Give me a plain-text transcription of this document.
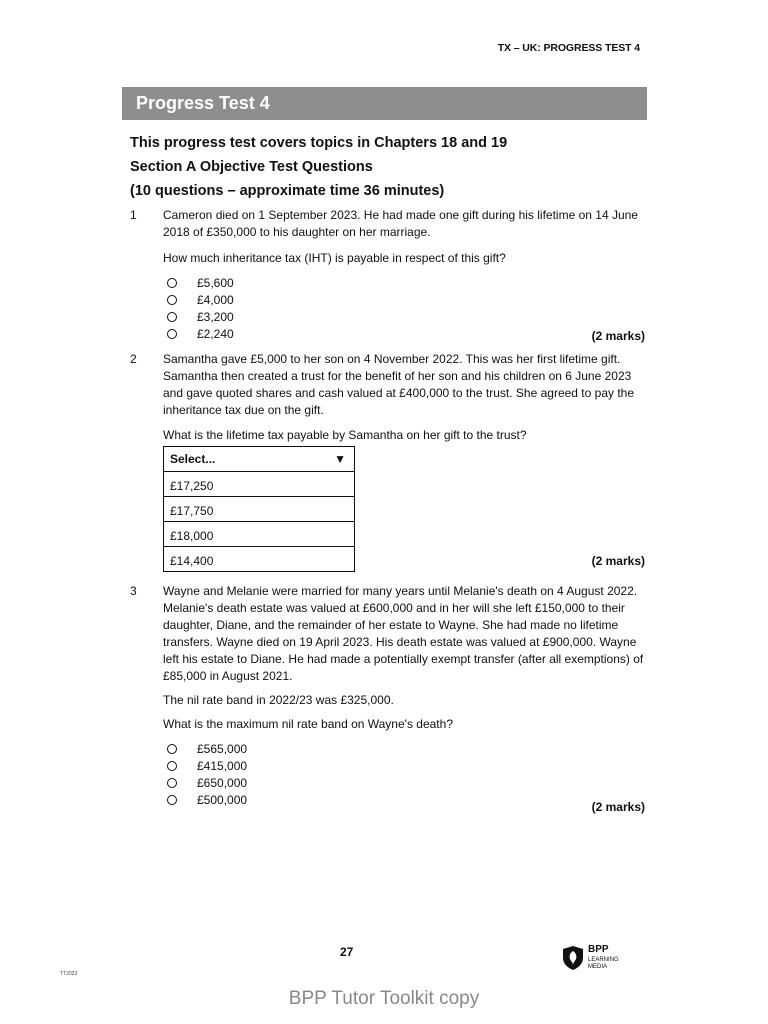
TX – UK: PROGRESS TEST 4
Progress Test 4
This progress test covers topics in Chapters 18 and 19
Section A Objective Test Questions
(10 questions – approximate time 36 minutes)
1 Cameron died on 1 September 2023. He had made one gift during his lifetime on 14 June 2018 of £350,000 to his daughter on her marriage.

How much inheritance tax (IHT) is payable in respect of this gift?

£5,600
£4,000
£3,200
£2,240	(2 marks)
2 Samantha gave £5,000 to her son on 4 November 2022. This was her first lifetime gift. Samantha then created a trust for the benefit of her son and his children on 6 June 2023 and gave quoted shares and cash valued at £400,000 to the trust. She agreed to pay the inheritance tax due on the gift.

What is the lifetime tax payable by Samantha on her gift to the trust?

Select...	▼
£17,250
£17,750
£18,000
£14,400	(2 marks)
3 Wayne and Melanie were married for many years until Melanie's death on 4 August 2022. Melanie's death estate was valued at £600,000 and in her will she left £150,000 to their daughter, Diane, and the remainder of her estate to Wayne. She had made no lifetime transfers. Wayne died on 19 April 2023. His death estate was valued at £900,000. Wayne left his estate to Diane. He had made a potentially exempt transfer (after all exemptions) of £85,000 in August 2021.

The nil rate band in 2022/23 was £325,000.

What is the maximum nil rate band on Wayne's death?

£565,000
£415,000
£650,000
£500,000	(2 marks)
27
TT2023
BPP
LEARNING
MEDIA
BPP Tutor Toolkit copy
